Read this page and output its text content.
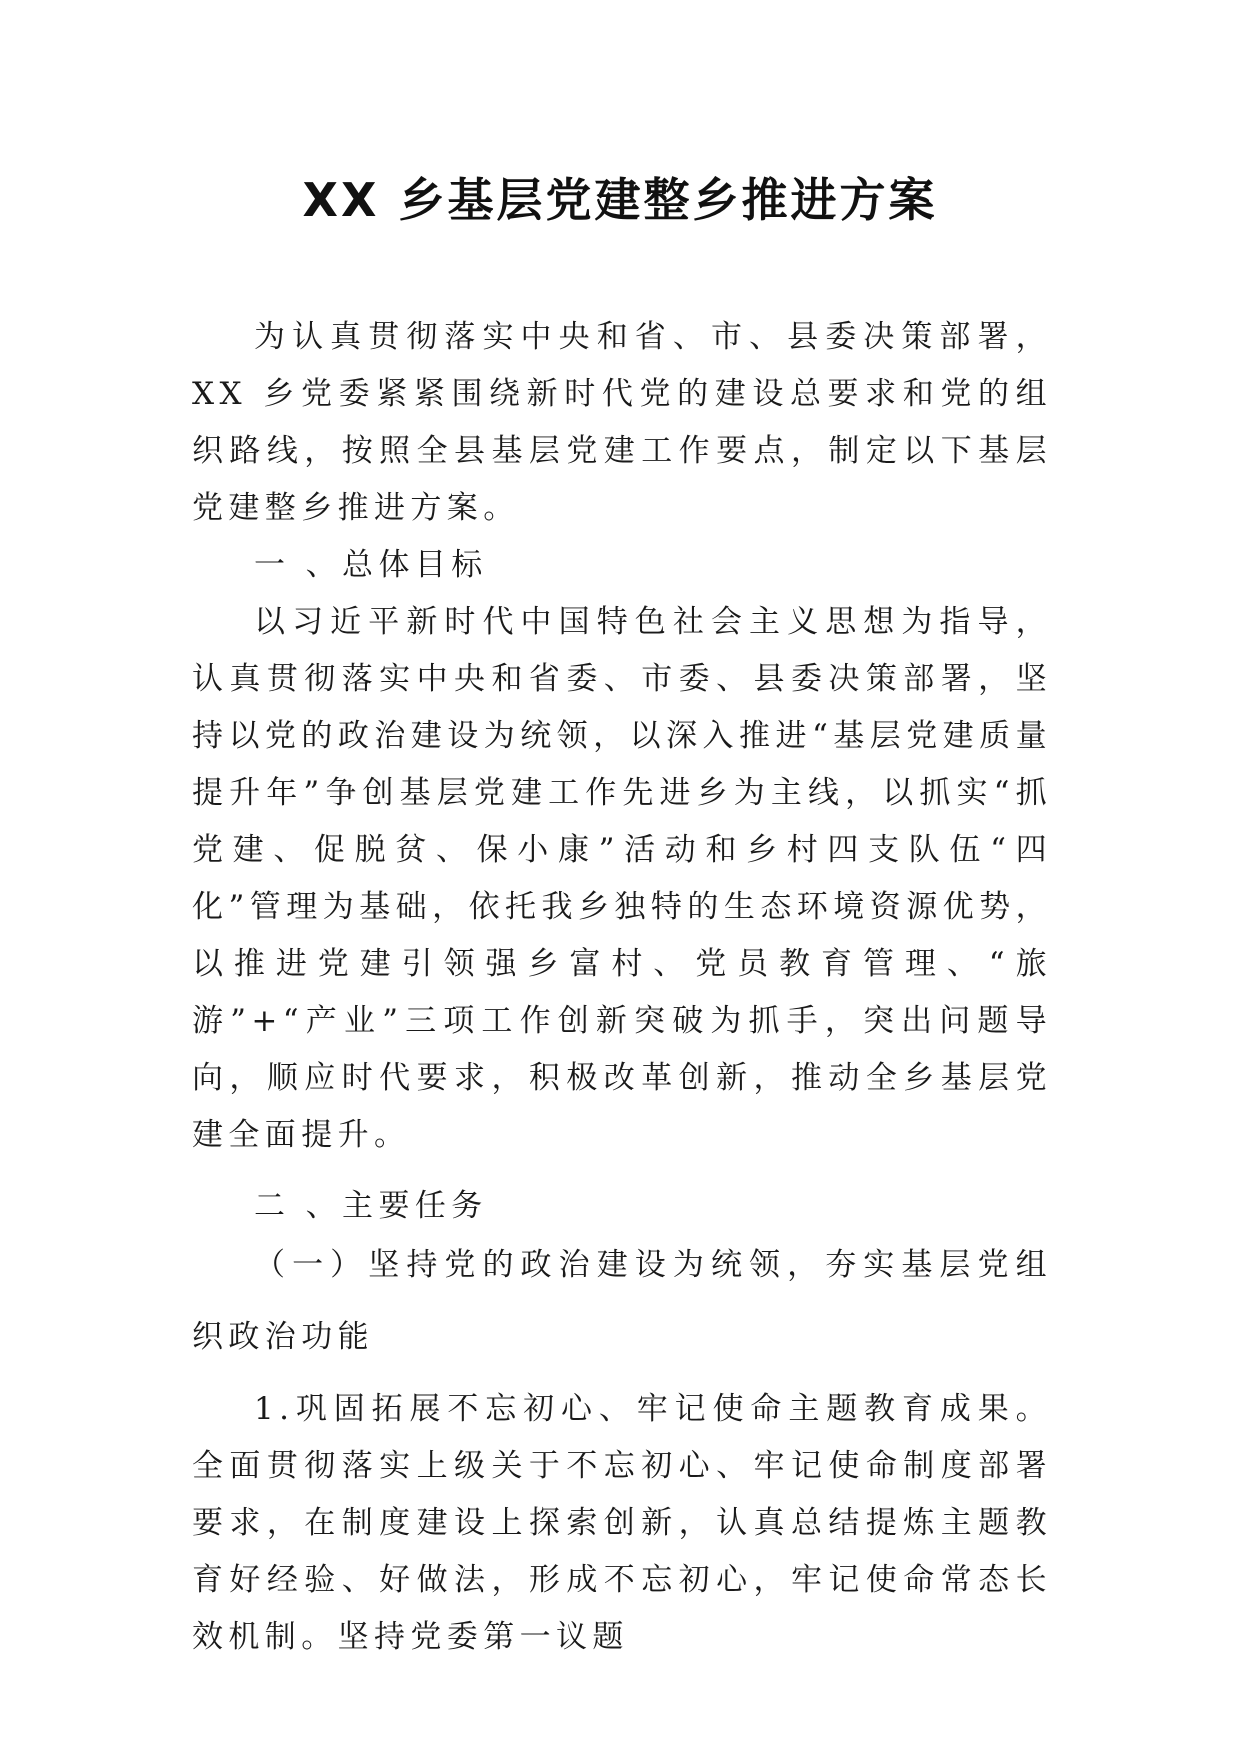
XX 乡基层党建整乡推进方案

为认真贯彻落实中央和省、市、县委决策部署， XX 乡党委紧紧围绕新时代党的建设总要求和党的组织路线，按照全县基层党建工作要点，制定以下基层党建整乡推进方案。

一 、总体目标

以习近平新时代中国特色社会主义思想为指导，认真贯彻落实中央和省委、市委、县委决策部署，坚持以党的政治建设为统领，以深入推进“基层党建质量提升年”争创基层党建工作先进乡为主线，以抓实“抓党建、促脱贫、保小康”活动和乡村四支队伍“四化”管理为基础，依托我乡独特的生态环境资源优势，以推进党建引领强乡富村、党员教育管理、“旅游”+“产业”三项工作创新突破为抓手，突出问题导向，顺应时代要求，积极改革创新，推动全乡基层党建全面提升。

二 、主要任务

（一）坚持党的政治建设为统领，夯实基层党组织政治功能

1.巩固拓展不忘初心、牢记使命主题教育成果。全面贯彻落实上级关于不忘初心、牢记使命制度部署要求，在制度建设上探索创新，认真总结提炼主题教育好经验、好做法，形成不忘初心，牢记使命常态长效机制。坚持党委第一议题
